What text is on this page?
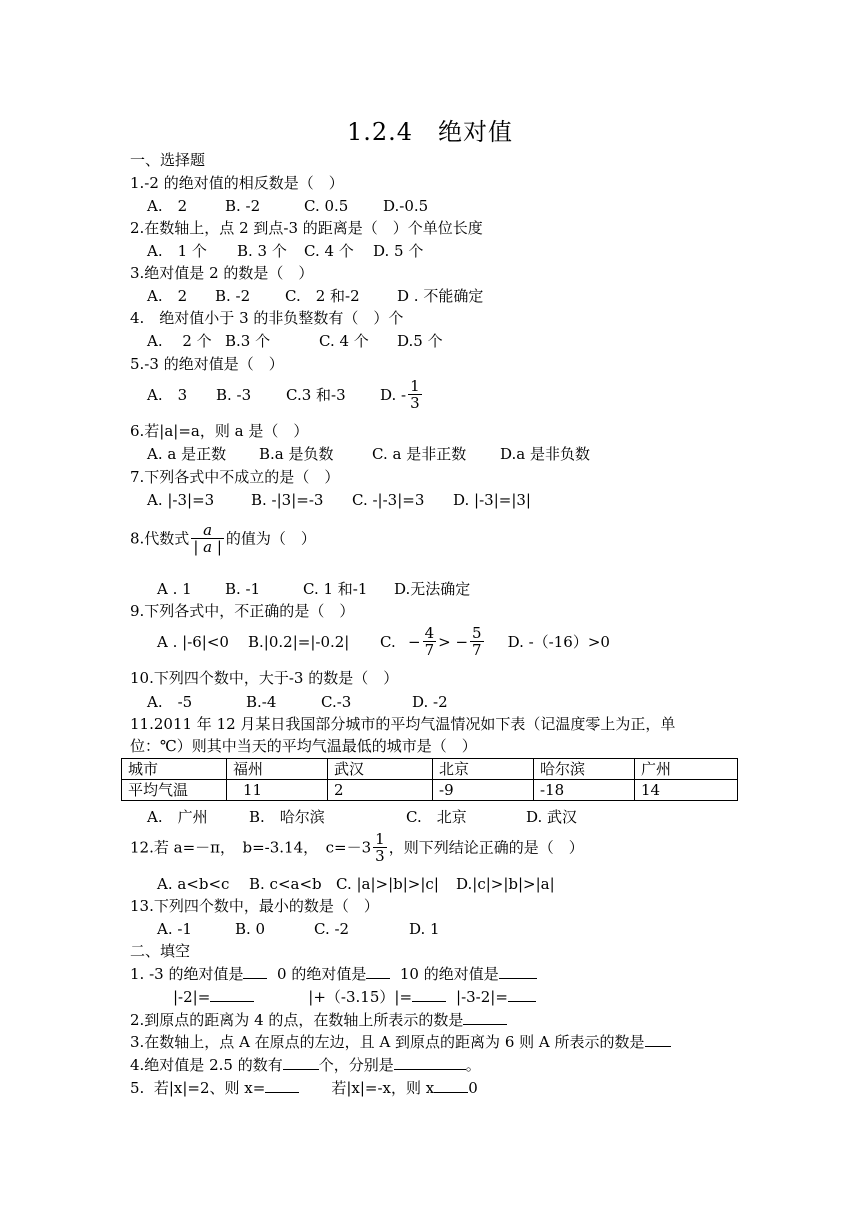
1.2.4　绝对值
一、选择题
1.-2 的绝对值的相反数是（　）
A.　2	B. -2	C. 0.5 D.-0.5
2.在数轴上，点 2 到点-3 的距离是（　）个单位长度
A.　1 个 B. 3 个 C. 4 个 D. 5 个
3.绝对值是 2 的数是（　）
A.　2 B. -2 C.　2 和-2 D . 不能确定
4.　绝对值小于 3 的非负整数有（　）个
A.　 2 个 B.3 个	C. 4 个 D.5 个
5.-3 的绝对值是（　）
A.　3 B. -3 C.3 和-3 D. - $\frac{1}{3}$
6.若|a|=a，则 a 是（　）
A. a 是正数 B.a 是负数	C. a 是非正数 D.a 是非负数
7.下列各式中不成立的是（　）
A. |-3|=3 B. -|3|=-3 C. -|-3|=3 D. |-3|=|3|
8.代数式 $\frac{a}{| a |}$ 的值为（　）
A . 1 B. -1	C. 1 和-1 D.无法确定
9.下列各式中，不正确的是（　）
A . |-6|<0 B.|0.2|=|-0.2| C. − $\frac{4}{7}$ > − $\frac{5}{7} D$. -（-16）>0
10.下列四个数中，大于-3 的数是（　）
A.　-5	B.-4	C.-3	D. -2
11.2011 年 12 月某日我国部分城市的平均气温情况如下表（记温度零上为正，单
位：℃）则其中当天的平均气温最低的城市是（　）
城市	福州	武汉	北京	哈尔滨	广州
平均气温	11	2	-9	-18	14
A.　广州	B.　哈尔滨	C.　北京	D. 武汉
12.若 a=－π，　b=-3.14，　$c=-3 \frac{1}{3}$ ，则下列结论正确的是（　）
A. a<b<c B. c<a<b C. |a|>|b|>|c| D.|c|>|b|>|a|
13.下列四个数中，最小的数是（　）
A. -1	B. 0	C. -2	D. 1
二、填空
1. -3 的绝对值是  0 的绝对值是  10 的绝对值是
|-2|=	|+（-3.15）|=	|-3-2|=
2.到原点的距离为 4 的点，在数轴上所表示的数是
3.在数轴上，点 A 在原点的左边，且 A 到原点的距离为 6 则 A 所表示的数是
4.绝对值是 2.5 的数有 个，分别是	。
5.  若|x|=2、则 x=	若|x|=-x，则 x 0
